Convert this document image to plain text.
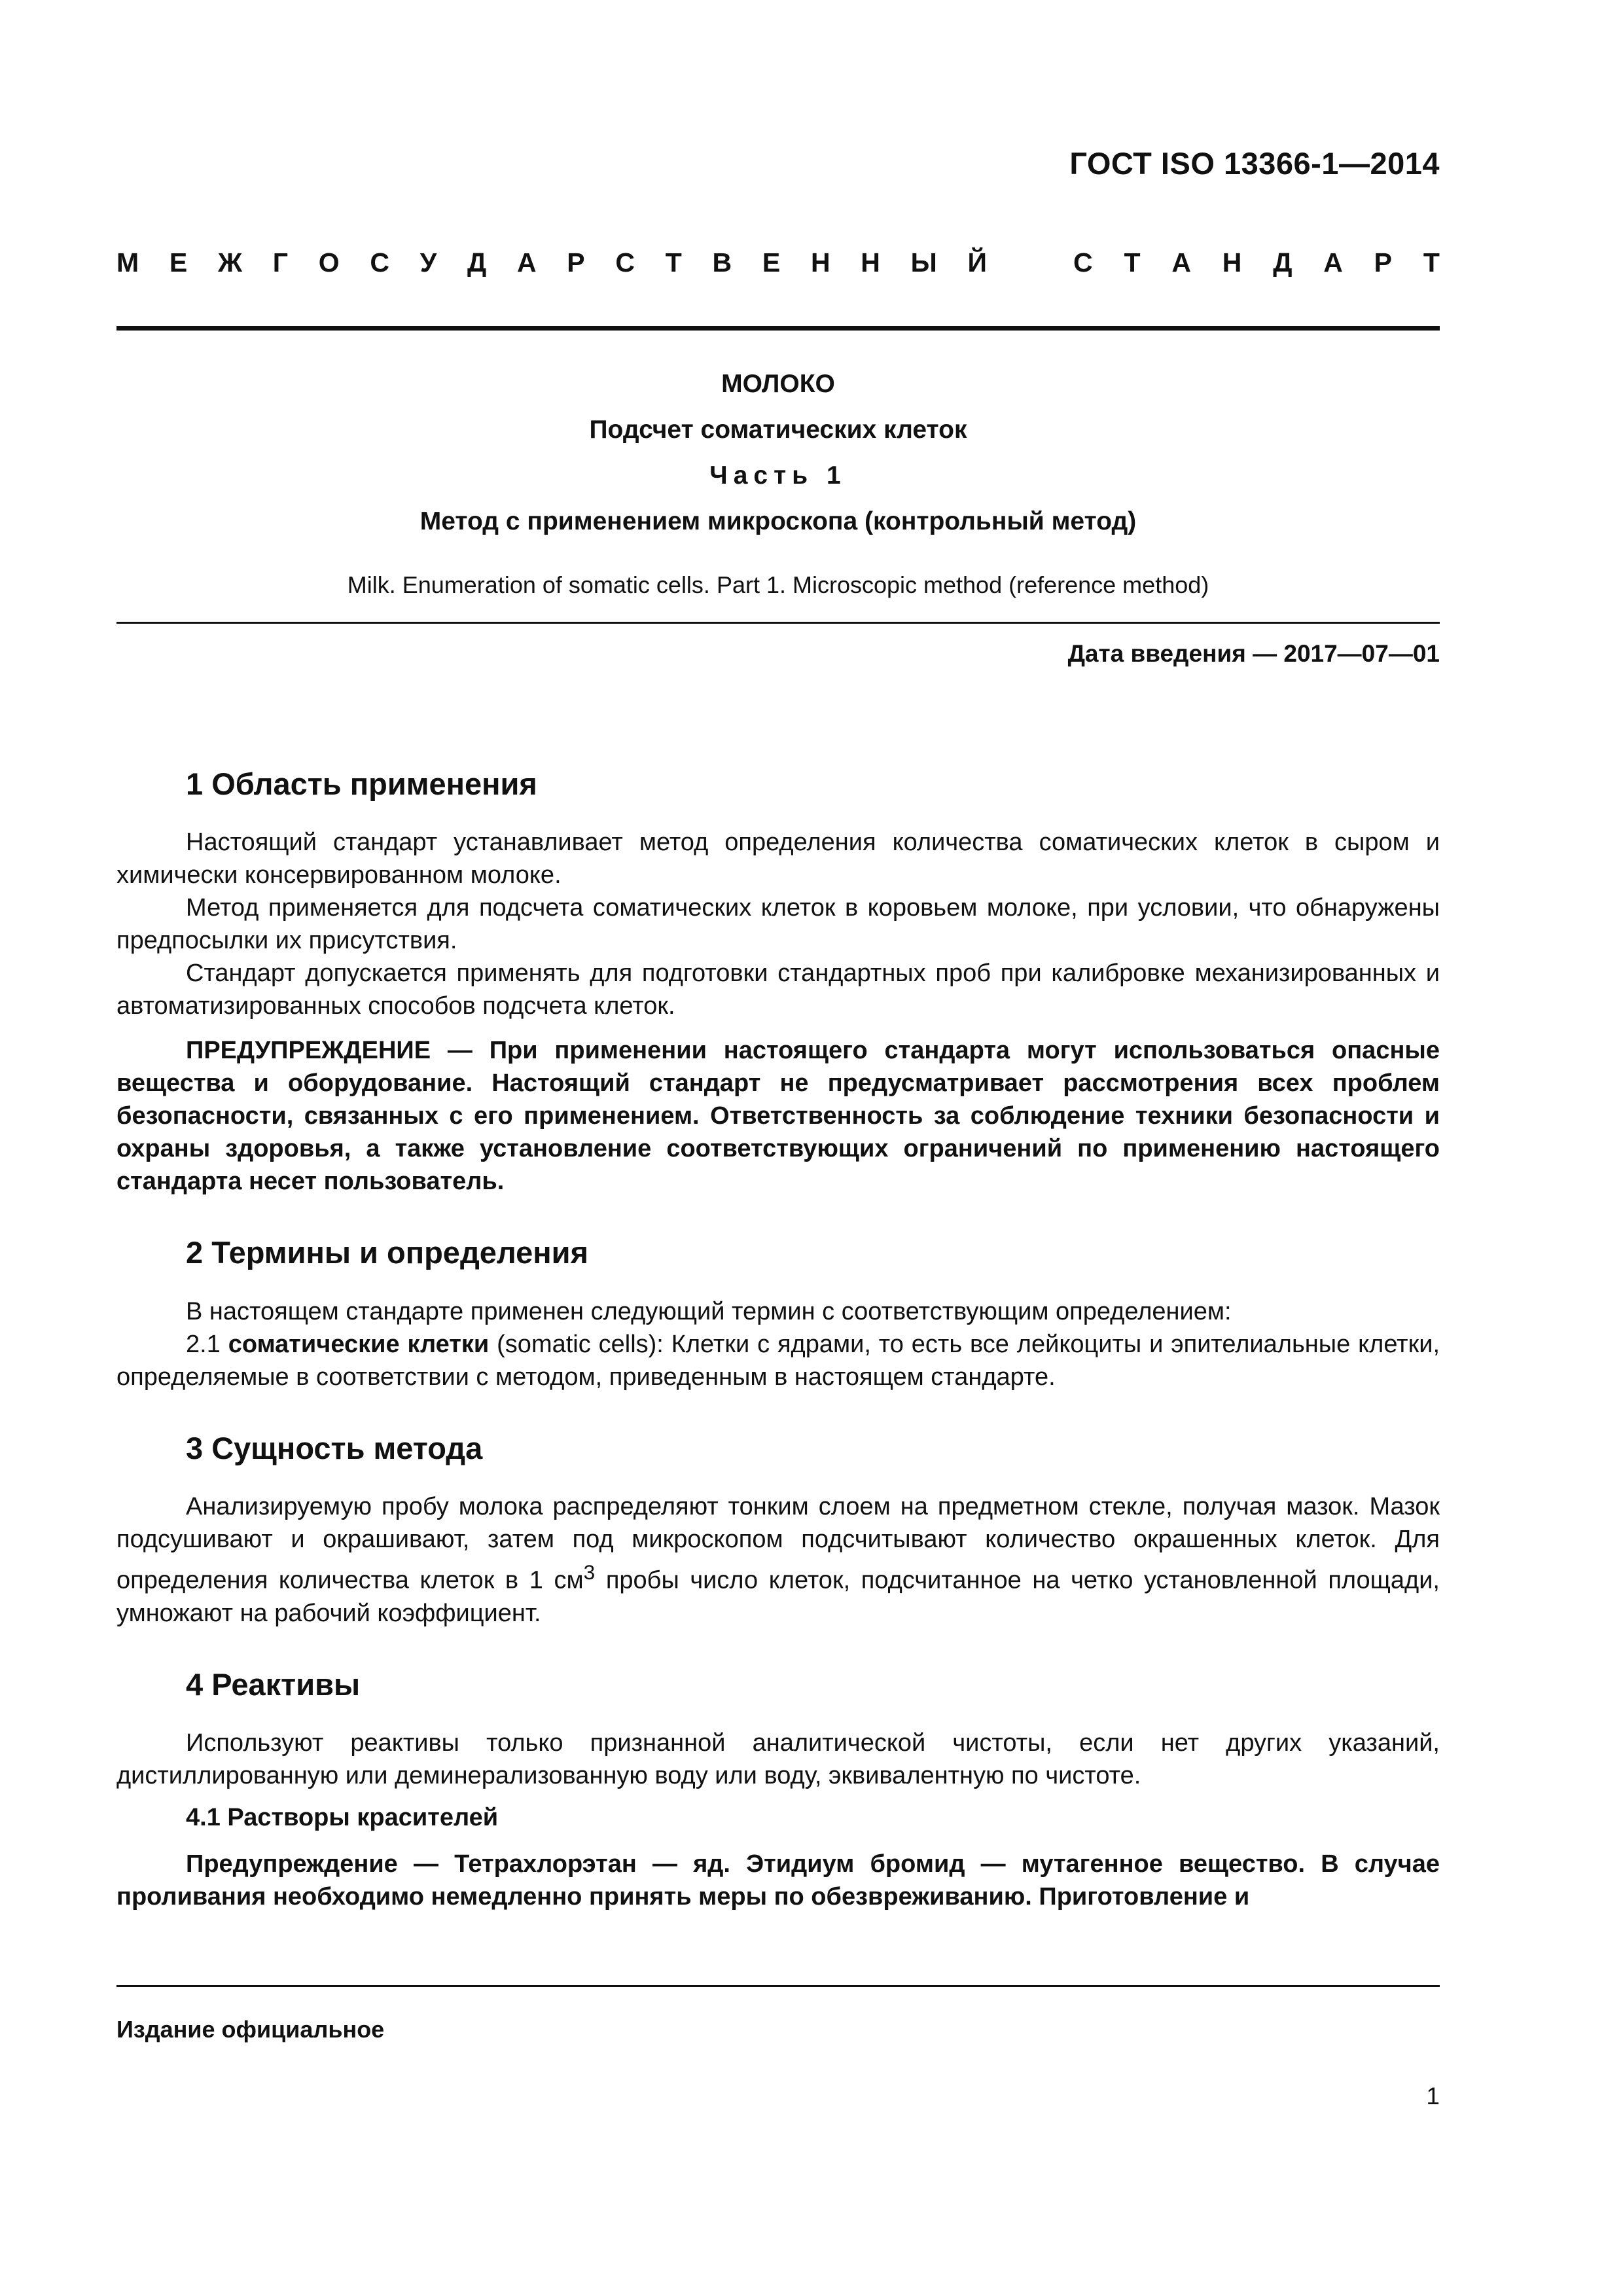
ГОСТ ISO 13366-1—2014
М Е Ж Г О С У Д А Р С Т В Е Н Н Ы Й	С Т А Н Д А Р Т
МОЛОКО
Подсчет соматических клеток
Часть 1
Метод с применением микроскопа (контрольный метод)
Milk. Enumeration of somatic cells. Part 1. Microscopic method (reference method)
Дата введения — 2017—07—01
1 Область применения

Настоящий стандарт устанавливает метод определения количества соматических клеток в сыром и химически консервированном молоке.

Метод применяется для подсчета соматических клеток в коровьем молоке, при условии, что обнаружены предпосылки их присутствия.

Стандарт допускается применять для подготовки стандартных проб при калибровке механизированных и автоматизированных способов подсчета клеток.

ПРЕДУПРЕЖДЕНИЕ — При применении настоящего стандарта могут использоваться опасные вещества и оборудование. Настоящий стандарт не предусматривает рассмотрения всех проблем безопасности, связанных с его применением. Ответственность за соблюдение техники безопасности и охраны здоровья, а также установление соответствующих ограничений по применению настоящего стандарта несет пользователь.

2 Термины и определения

В настоящем стандарте применен следующий термин с соответствующим определением:

2.1 соматические клетки (somatic cells): Клетки с ядрами, то есть все лейкоциты и эпителиальные клетки, определяемые в соответствии с методом, приведенным в настоящем стандарте.

3 Сущность метода

Анализируемую пробу молока распределяют тонким слоем на предметном стекле, получая мазок. Мазок подсушивают и окрашивают, затем под микроскопом подсчитывают количество окрашенных клеток. Для определения количества клеток в 1 $см^3$ пробы число клеток, подсчитанное на четко установленной площади, умножают на рабочий коэффициент.

4 Реактивы

Используют реактивы только признанной аналитической чистоты, если нет других указаний, дистиллированную или деминерализованную воду или воду, эквивалентную по чистоте.

4.1 Растворы красителей

Предупреждение — Тетрахлорэтан — яд. Этидиум бромид — мутагенное вещество. В случае проливания необходимо немедленно принять меры по обезвреживанию. Приготовление и

Издание официальное
1
